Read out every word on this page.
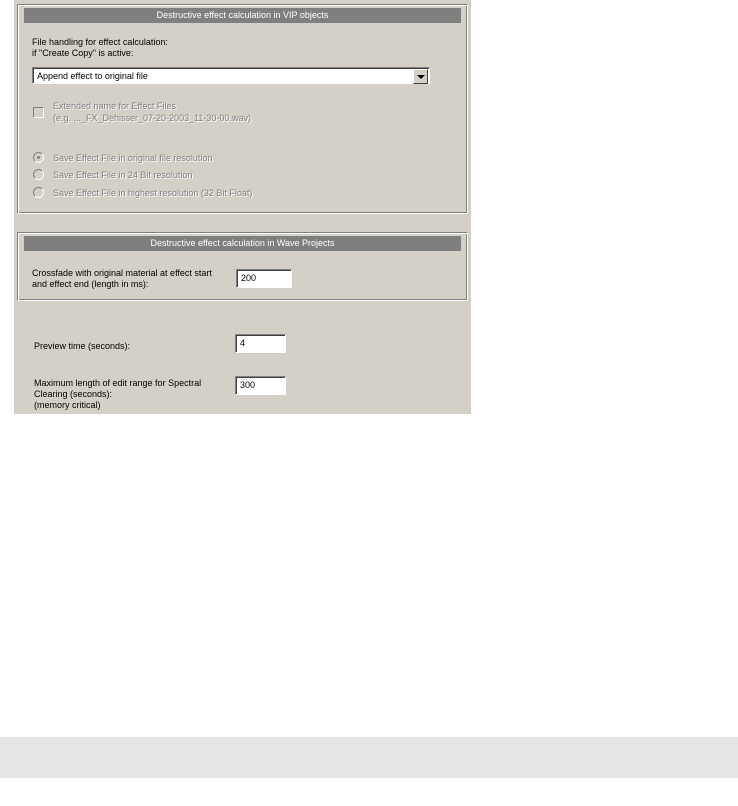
Destructive effect calculation in VIP objects
File handling for effect calculation:
if "Create Copy" is active:
Append effect to original file
Extended name for Effect Files
(e.g. ..._FX_Dehisser_07-20-2003_11-30-00.wav)
Save Effect File in original file resolution
Save Effect File in 24 Bit resolution
Save Effect File in highest resolution (32 Bit Float)
Destructive effect calculation in Wave Projects
Crossfade with original material at effect start
and effect end (length in ms):
200
Preview time (seconds):	4
Maximum length of edit range for Spectral
Clearing (seconds):
(memory critical)
300
